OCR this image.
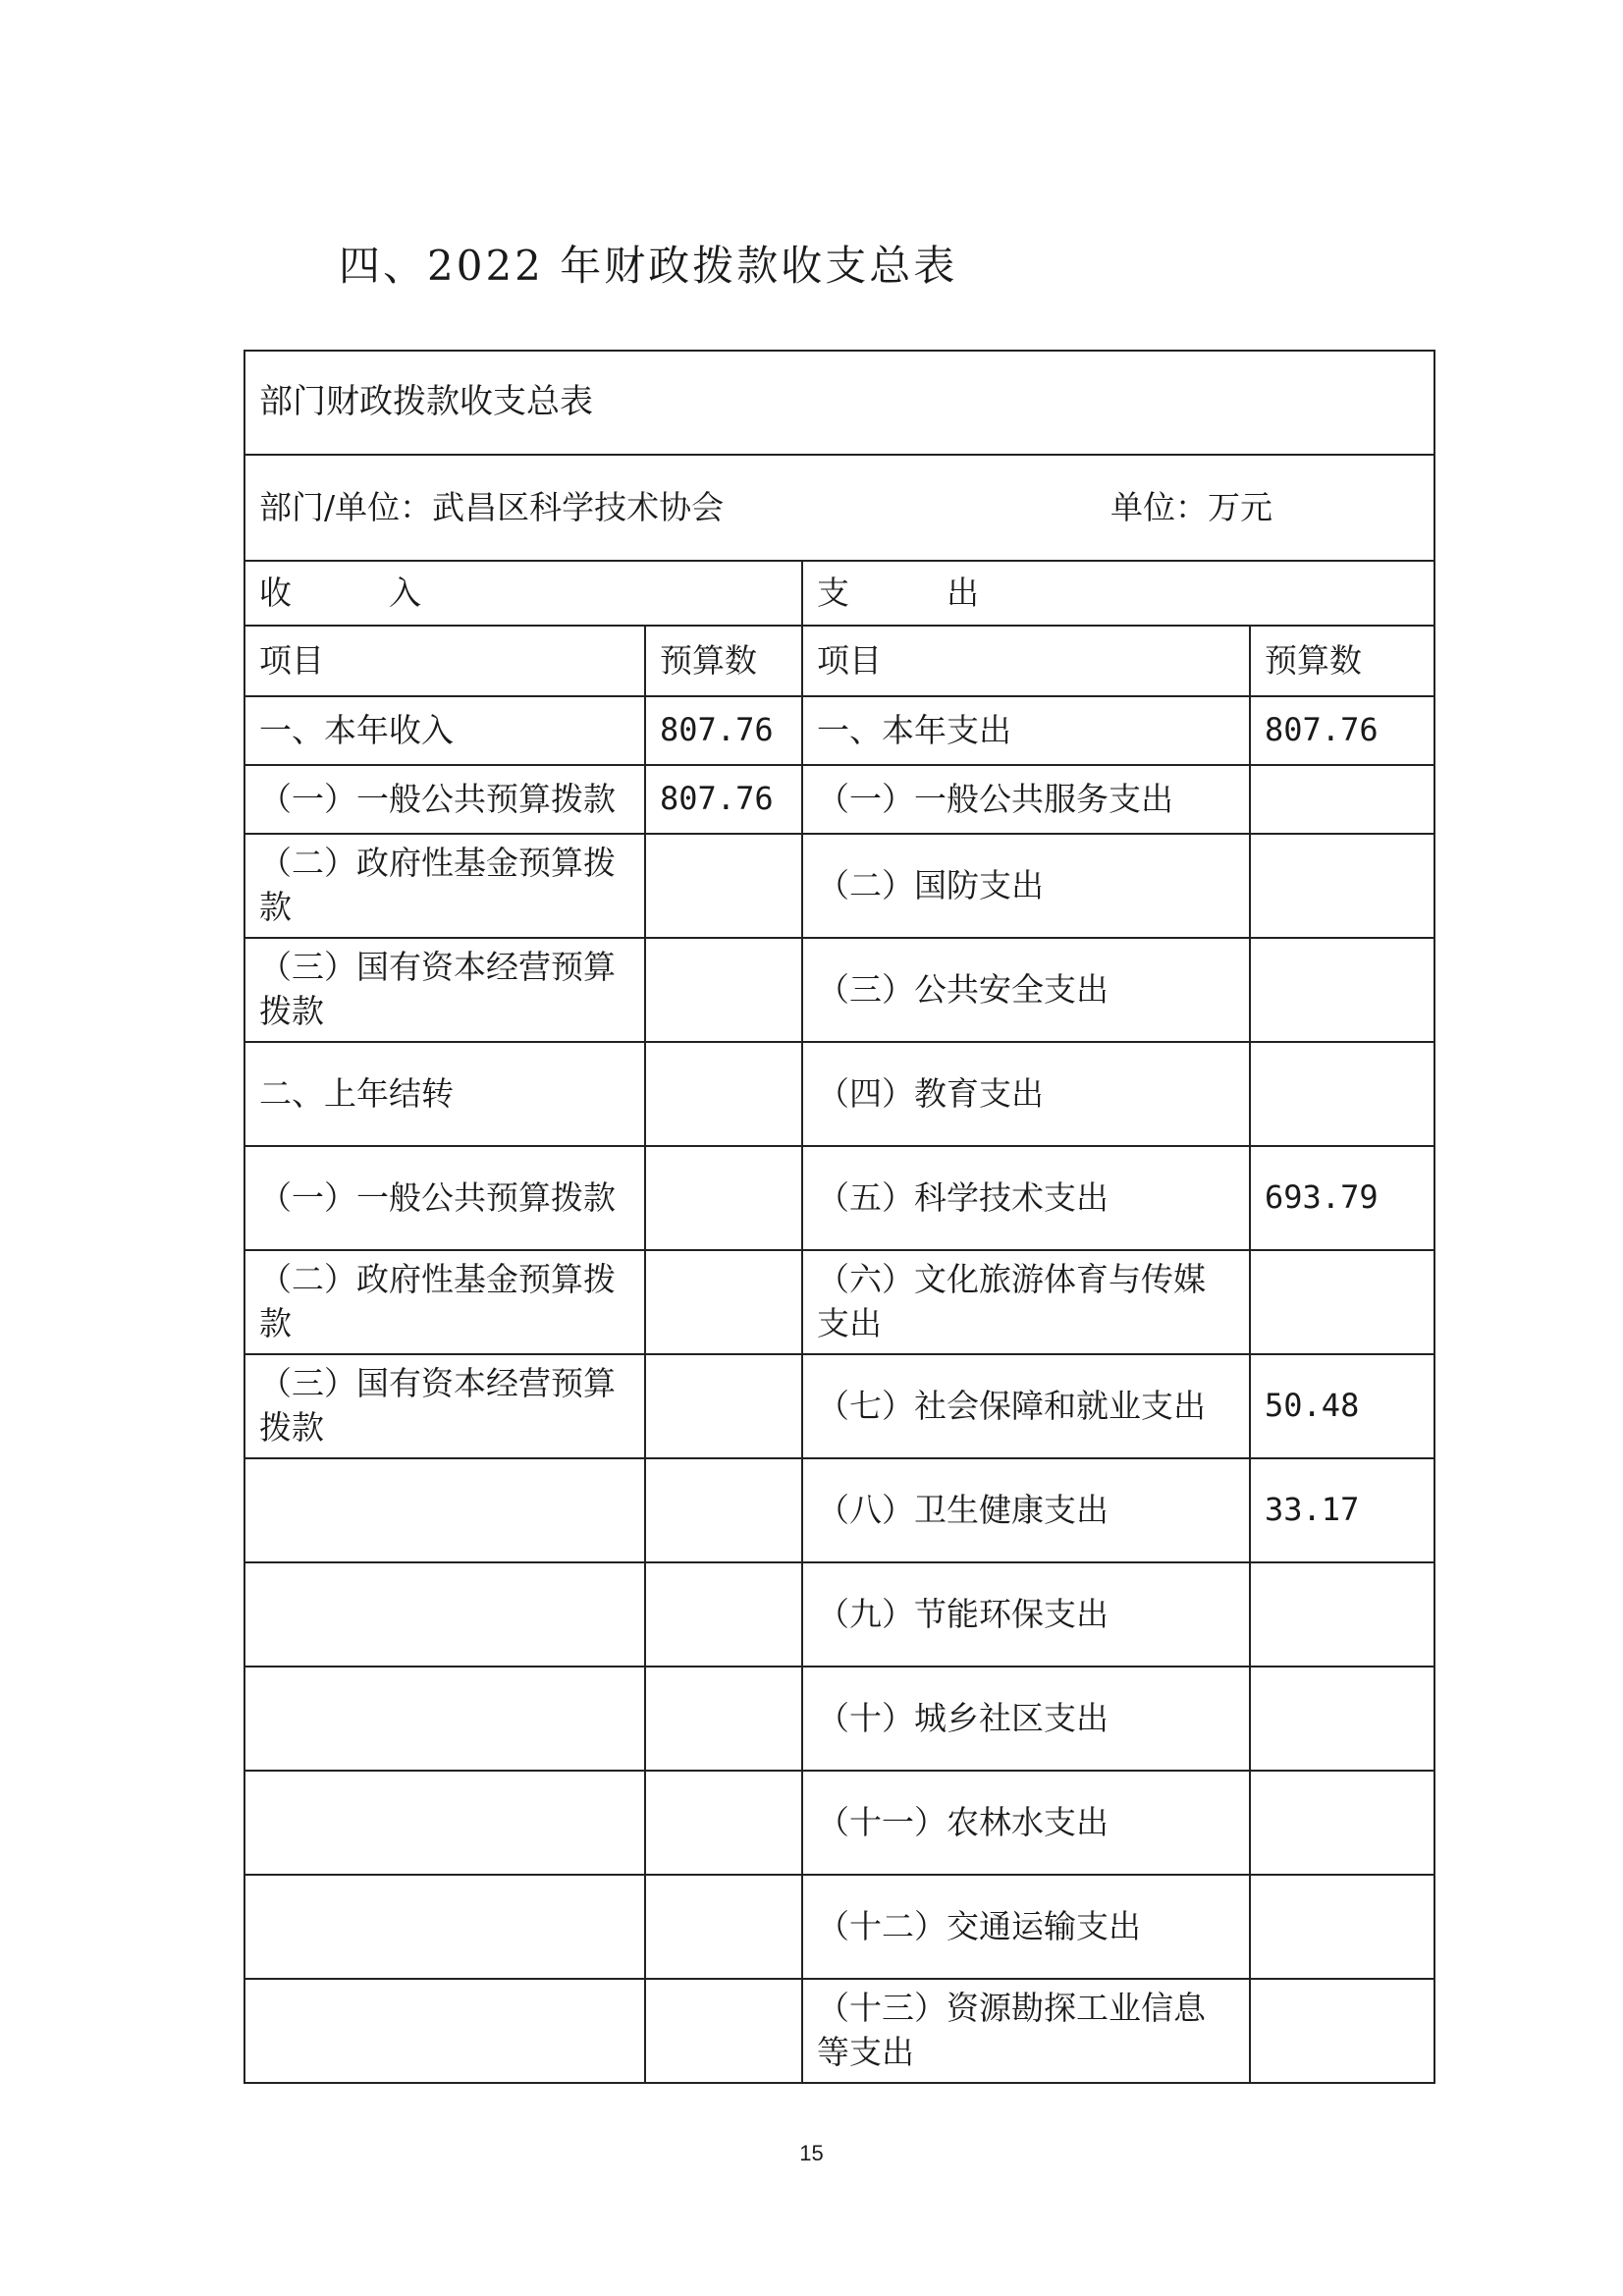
四、2022 年财政拨款收支总表
部门财政拨款收支总表			

单位：万元
部门/单位：武昌区科学技术协会			
收　　　入		支　　　出	
项目	预算数	项目	预算数
一、本年收入	807.76	一、本年支出	807.76
（一）一般公共预算拨款	807.76	（一）一般公共服务支出	
（二）政府性基金预算拨款		（二）国防支出	
（三）国有资本经营预算拨款		（三）公共安全支出	
二、上年结转		（四）教育支出	
（一）一般公共预算拨款		（五）科学技术支出	693.79
（二）政府性基金预算拨款		（六）文化旅游体育与传媒支出	
（三）国有资本经营预算拨款		（七）社会保障和就业支出	50.48
		（八）卫生健康支出	33.17
		（九）节能环保支出	
		（十）城乡社区支出	
		（十一）农林水支出	
		（十二）交通运输支出	
		（十三）资源勘探工业信息等支出	
15
